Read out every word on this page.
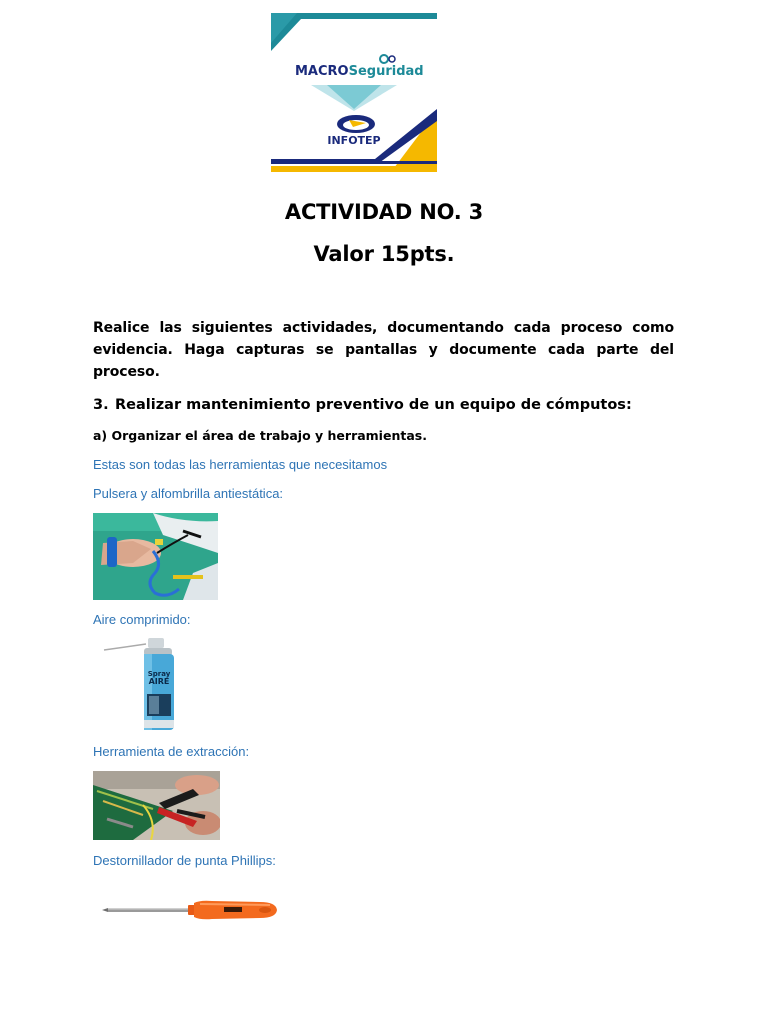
MACROSeguridad
INFOTEP
ACTIVIDAD NO. 3
Valor 15pts.
Realice las siguientes actividades, documentando cada proceso como evidencia. Haga capturas se pantallas y documente cada parte del proceso.
3. Realizar mantenimiento preventivo de un equipo de cómputos:
a) Organizar el área de trabajo y herramientas.
Estas son todas las herramientas que necesitamos
Pulsera y alfombrilla antiestática:
Aire comprimido:
Spray
AIRE
Herramienta de extracción:
Destornillador de punta Phillips:
